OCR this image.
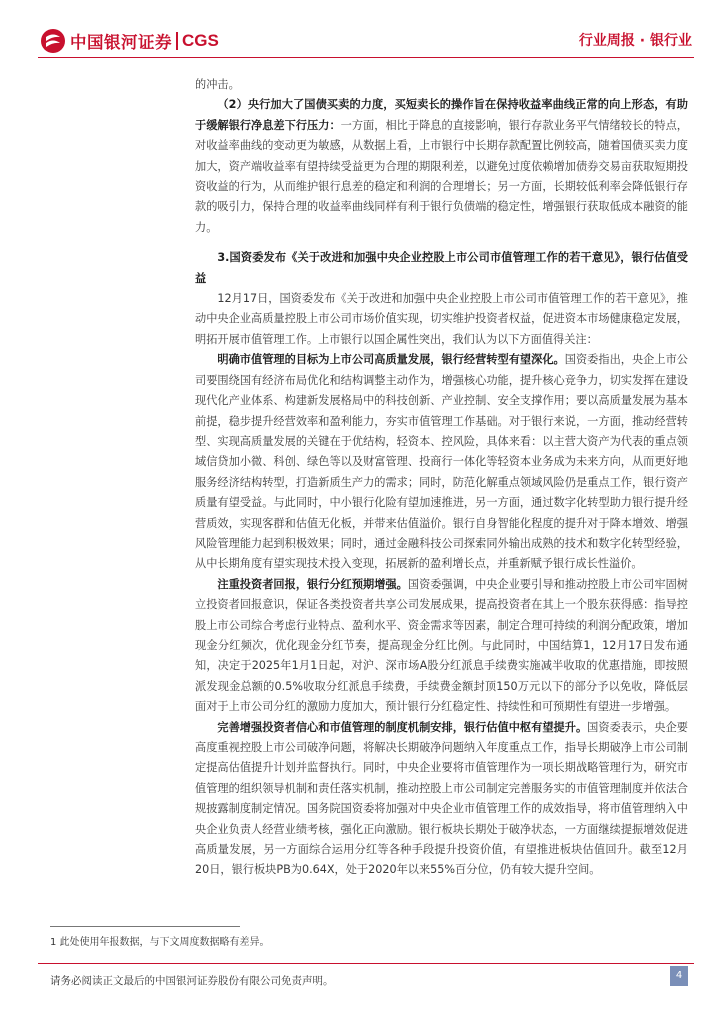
中国银河证券 CGS	行业周报 · 银行业

的冲击。

（2）央行加大了国债买卖的力度，买短卖长的操作旨在保持收益率曲线正常的向上形态，有助于缓解银行净息差下行压力：一方面，相比于降息的直接影响，银行存款业务平气情绪较长的特点，对收益率曲线的变动更为敏感，从数据上看，上市银行中长期存款配置比例较高，随着国债买卖力度加大，资产端收益率有望持续受益更为合理的期限利差，以避免过度依赖增加债券交易亩获取短期投资收益的行为，从而维护银行息差的稳定和利润的合理增长；另一方面，长期较低利率会降低银行存款的吸引力，保持合理的收益率曲线同样有利于银行负债端的稳定性，增强银行获取低成本融资的能力。

3.国资委发布《关于改进和加强中央企业控股上市公司市值管理工作的若干意见》，银行估值受益

12月17日，国资委发布《关于改进和加强中央企业控股上市公司市值管理工作的若干意见》，推动中央企业高质量控股上市公司市场价值实现，切实维护投资者权益，促进资本市场健康稳定发展，明拓开展市值管理工作。上市银行以国企属性突出，我们认为以下方面值得关注：

明确市值管理的目标为上市公司高质量发展，银行经营转型有望深化。国资委指出，央企上市公司要围绕国有经济布局优化和结构调整主动作为，增强核心功能，提升核心竞争力，切实发挥在建设现代化产业体系、构建新发展格局中的科技创新、产业控制、安全支撑作用；要以高质量发展为基本前提，稳步提升经营效率和盈利能力，夯实市值管理工作基础。对于银行来说，一方面，推动经营转型、实现高质量发展的关键在于优结构，轻资本、控风险，具体来看：以主营大资产为代表的重点领域信贷加小微、科创、绿色等以及财富管理、投商行一体化等轻资本业务成为未来方向，从而更好地服务经济结构转型，打造新质生产力的需求；同时，防范化解重点领域风险仍是重点工作，银行资产质量有望受益。与此同时，中小银行化险有望加速推进，另一方面，通过数字化转型助力银行提升经营质效，实现客群和估值无化板，并带来估值溢价。银行自身智能化程度的提升对于降本增效、增强风险管理能力起到积极效果；同时，通过金融科技公司探索同外输出成熟的技术和数字化转型经验，从中长期角度有望实现技术投入变现，拓展新的盈利增长点，并重新赋予银行成长性溢价。

注重投资者回报，银行分红预期增强。国资委强调，中央企业要引导和推动控股上市公司牢固树立投资者回报意识，保证各类投资者共享公司发展成果，提高投资者在其上一个股东获得感：指导控股上市公司综合考虑行业特点、盈利水平、资金需求等因素，制定合理可持续的利润分配政策，增加现金分红频次，优化现金分红节奏，提高现金分红比例。与此同时，中国结算1，12月17日发布通知，决定于2025年1月1日起，对沪、深市场A股分红派息手续费实施减半收取的优惠措施，即按照派发现金总额的0.5%收取分红派息手续费，手续费金额封顶150万元以下的部分予以免收，降低层面对于上市公司分红的激励力度加大，预计银行分红稳定性、持续性和可预期性有望进一步增强。

完善增强投资者信心和市值管理的制度机制安排，银行估值中枢有望提升。国资委表示，央企要高度重视控股上市公司破净问题，将解决长期破净问题纳入年度重点工作，指导长期破净上市公司制定提高估值提升计划并监督执行。同时，中央企业要将市值管理作为一项长期战略管理行为，研究市值管理的组织领导机制和责任落实机制，推动控股上市公司制定完善服务实的市值管理制度并依法合规披露制度制定情况。国务院国资委将加强对中央企业市值管理工作的成效指导，将市值管理纳入中央企业负责人经营业绩考核，强化正向激励。银行板块长期处于破净状态，一方面继续提振增效促进高质量发展，另一方面综合运用分红等各种手段提升投资价值，有望推进板块估值回升。截至12月20日，银行板块PB为0.64X，处于2020年以来55%百分位，仍有较大提升空间。

1 此处使用年报数据，与下文周度数据略有差异。
请务必阅读正文最后的中国银河证券股份有限公司免责声明。	4
